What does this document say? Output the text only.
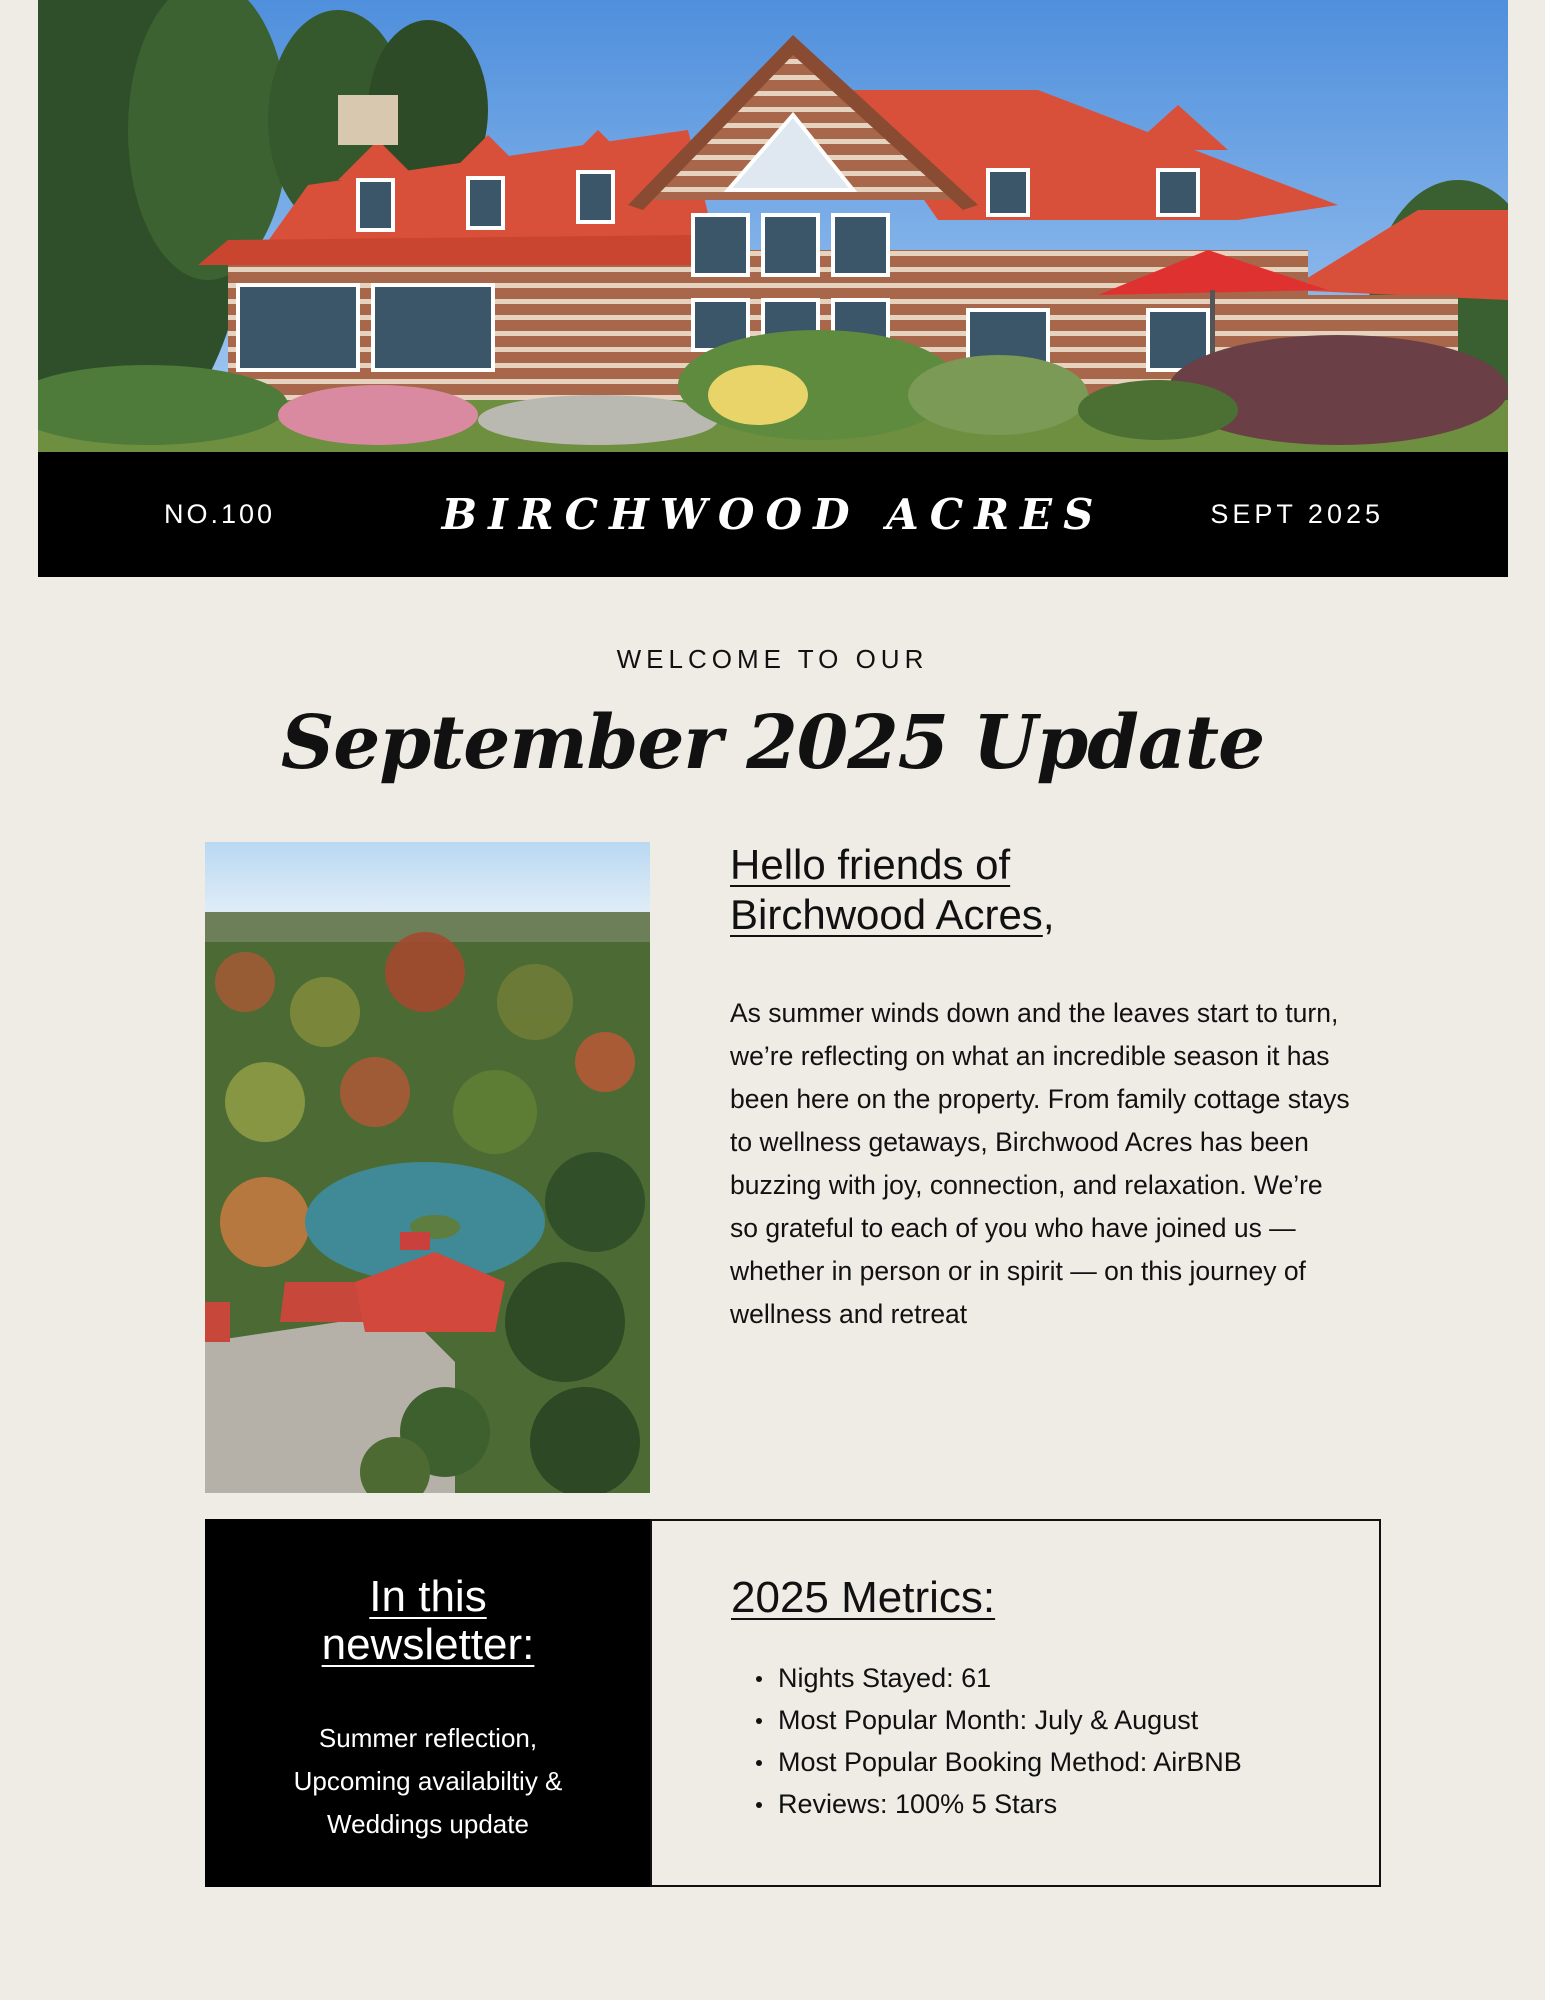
NO.100	BIRCHWOOD ACRES	SEPT 2025
WELCOME TO OUR
September 2025 Update
Hello friends of
Birchwood Acres,

As summer winds down and the leaves start to turn, we’re reflecting on what an incredible season it has been here on the property. From family cottage stays to wellness getaways, Birchwood Acres has been buzzing with joy, connection, and relaxation. We’re so grateful to each of you who have joined us — whether in person or in spirit — on this journey of wellness and retreat

In this
newsletter:
Summer reflection,
Upcoming availabiltiy &
Weddings update
2025 Metrics:
Nights Stayed: 61
Most Popular Month: July & August
Most Popular Booking Method: AirBNB
Reviews: 100% 5 Stars
